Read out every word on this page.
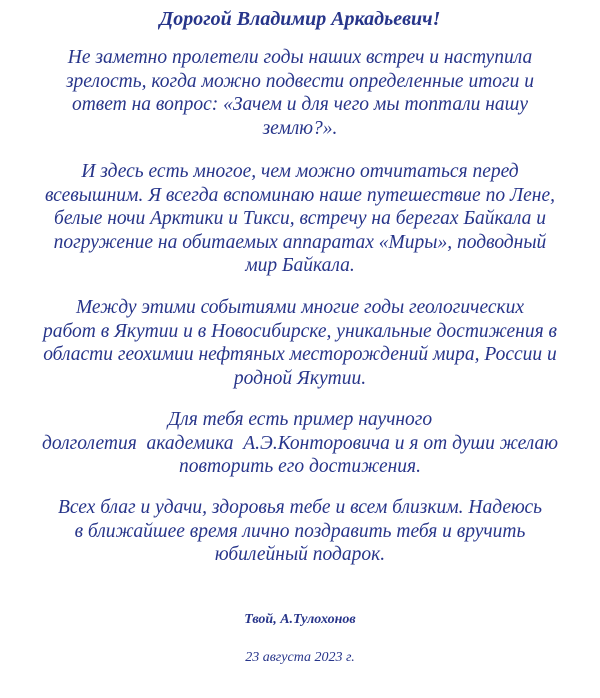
Дорогой Владимир Аркадьевич!

Не заметно пролетели годы наших встреч и наступила
зрелость, когда можно подвести определенные итоги и
ответ на вопрос: «Зачем и для чего мы топтали нашу
землю?».

И здесь есть многое, чем можно отчитаться перед
всевышним. Я всегда вспоминаю наше путешествие по Лене,
белые ночи Арктики и Тикси, встречу на берегах Байкала и
погружение на обитаемых аппаратах «Миры», подводный
мир Байкала.

Между этими событиями многие годы геологических
работ в Якутии и в Новосибирске, уникальные достижения в
области геохимии нефтяных месторождений мира, России и
родной Якутии.

Для тебя есть пример научного
долголетия  академика  А.Э.Конторовича и я от души желаю
повторить его достижения.

Всех благ и удачи, здоровья тебе и всем близким. Надеюсь
в ближайшее время лично поздравить тебя и вручить
юбилейный подарок.

Твой, А.Тулохонов

23 августа 2023 г.
